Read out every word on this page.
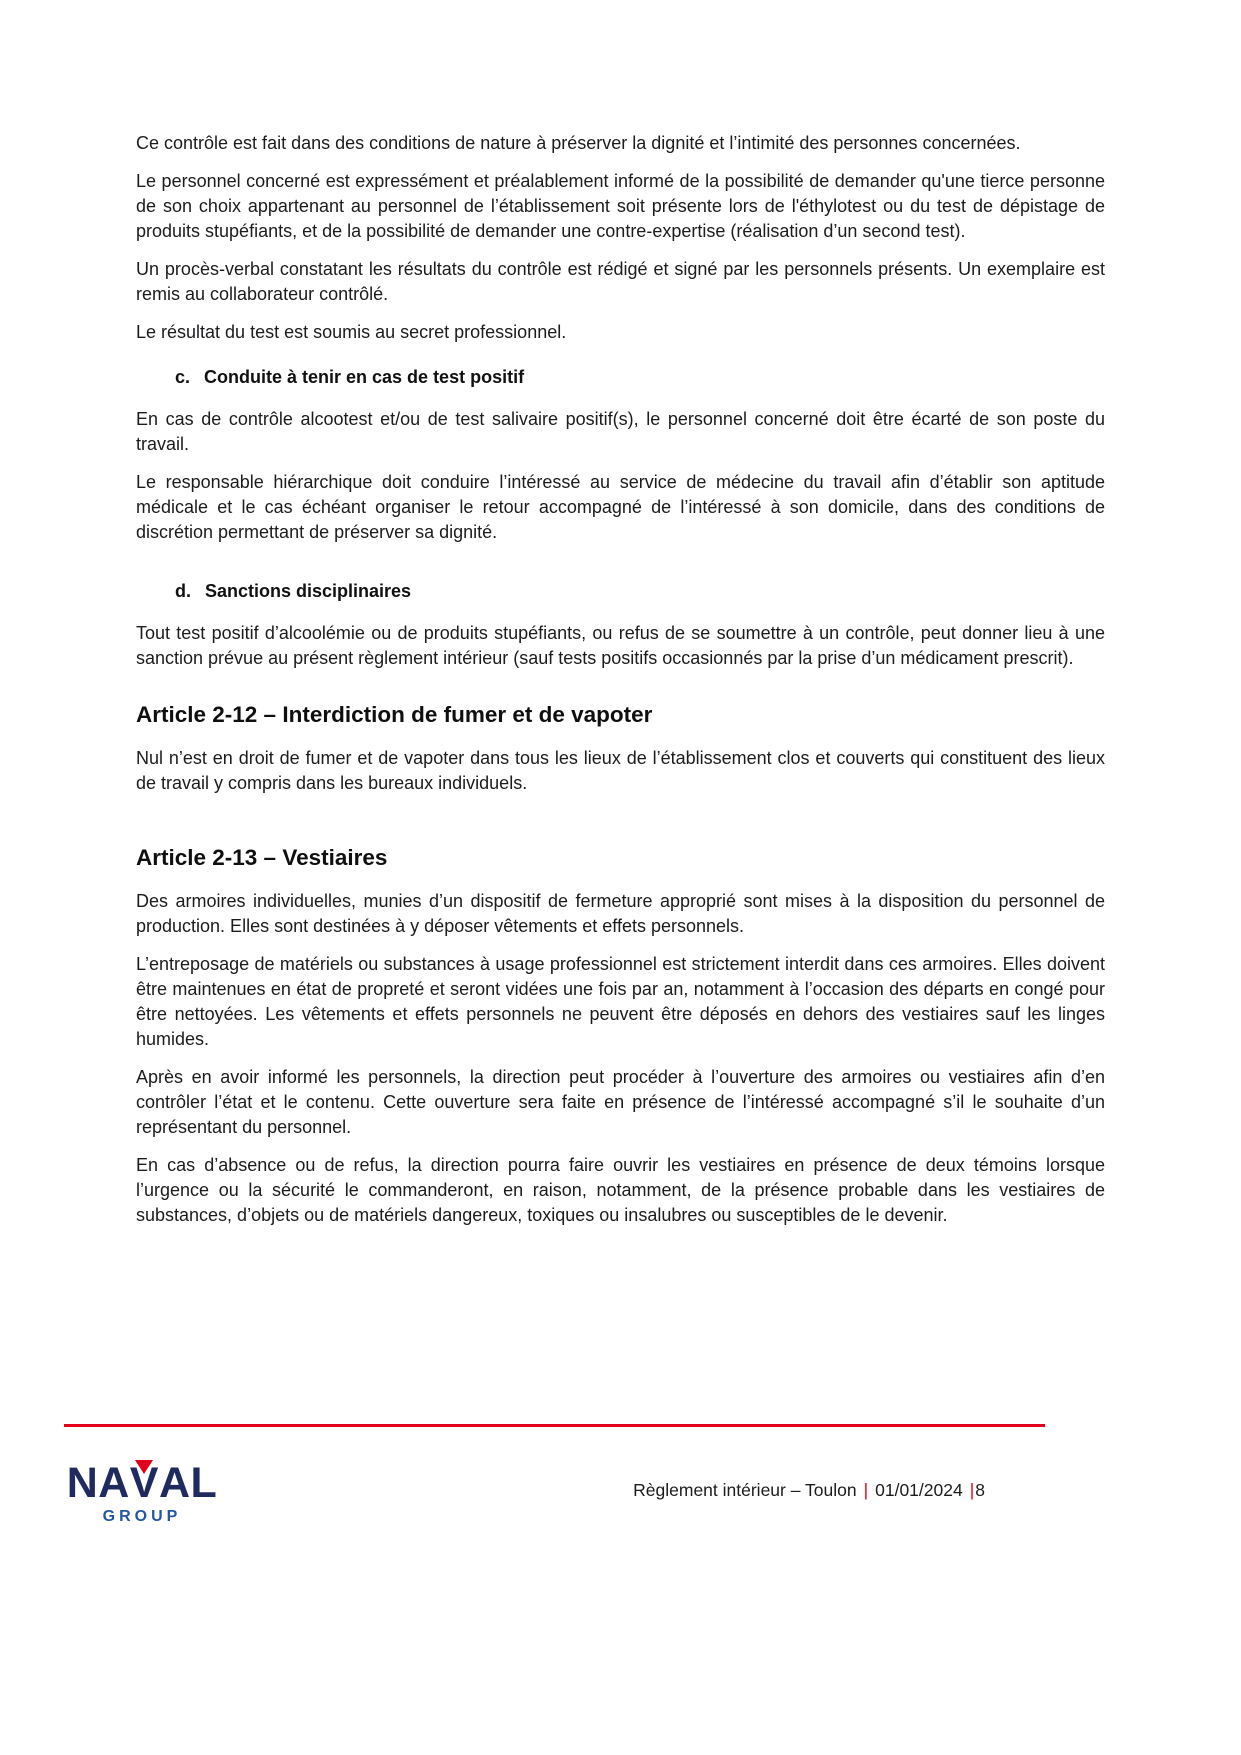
Ce contrôle est fait dans des conditions de nature à préserver la dignité et l’intimité des personnes concernées.

Le personnel concerné est expressément et préalablement informé de la possibilité de demander qu'une tierce personne de son choix appartenant au personnel de l’établissement soit présente lors de l'éthylotest ou du test de dépistage de produits stupéfiants, et de la possibilité de demander une contre-expertise (réalisation d’un second test).

Un procès-verbal constatant les résultats du contrôle est rédigé et signé par les personnels présents. Un exemplaire est remis au collaborateur contrôlé.

Le résultat du test est soumis au secret professionnel.

c. Conduite à tenir en cas de test positif

En cas de contrôle alcootest et/ou de test salivaire positif(s), le personnel concerné doit être écarté de son poste du travail.

Le responsable hiérarchique doit conduire l’intéressé au service de médecine du travail afin d’établir son aptitude médicale et le cas échéant organiser le retour accompagné de l’intéressé à son domicile, dans des conditions de discrétion permettant de préserver sa dignité.

d. Sanctions disciplinaires

Tout test positif d’alcoolémie ou de produits stupéfiants, ou refus de se soumettre à un contrôle, peut donner lieu à une sanction prévue au présent règlement intérieur (sauf tests positifs occasionnés par la prise d’un médicament prescrit).

Article 2-12 – Interdiction de fumer et de vapoter

Nul n’est en droit de fumer et de vapoter dans tous les lieux de l’établissement clos et couverts qui constituent des lieux de travail y compris dans les bureaux individuels.

Article 2-13 – Vestiaires

Des armoires individuelles, munies d’un dispositif de fermeture approprié sont mises à la disposition du personnel de production. Elles sont destinées à y déposer vêtements et effets personnels.

L’entreposage de matériels ou substances à usage professionnel est strictement interdit dans ces armoires. Elles doivent être maintenues en état de propreté et seront vidées une fois par an, notamment à l’occasion des départs en congé pour être nettoyées. Les vêtements et effets personnels ne peuvent être déposés en dehors des vestiaires sauf les linges humides.

Après en avoir informé les personnels, la direction peut procéder à l’ouverture des armoires ou vestiaires afin d’en contrôler l’état et le contenu. Cette ouverture sera faite en présence de l’intéressé accompagné s’il le souhaite d’un représentant du personnel.

En cas d’absence ou de refus, la direction pourra faire ouvrir les vestiaires en présence de deux témoins lorsque l’urgence ou la sécurité le commanderont, en raison, notamment, de la présence probable dans les vestiaires de substances, d’objets ou de matériels dangereux, toxiques ou insalubres ou susceptibles de le devenir.

Règlement intérieur – Toulon | 01/01/2024 |8
NAV
AL
GROUP
